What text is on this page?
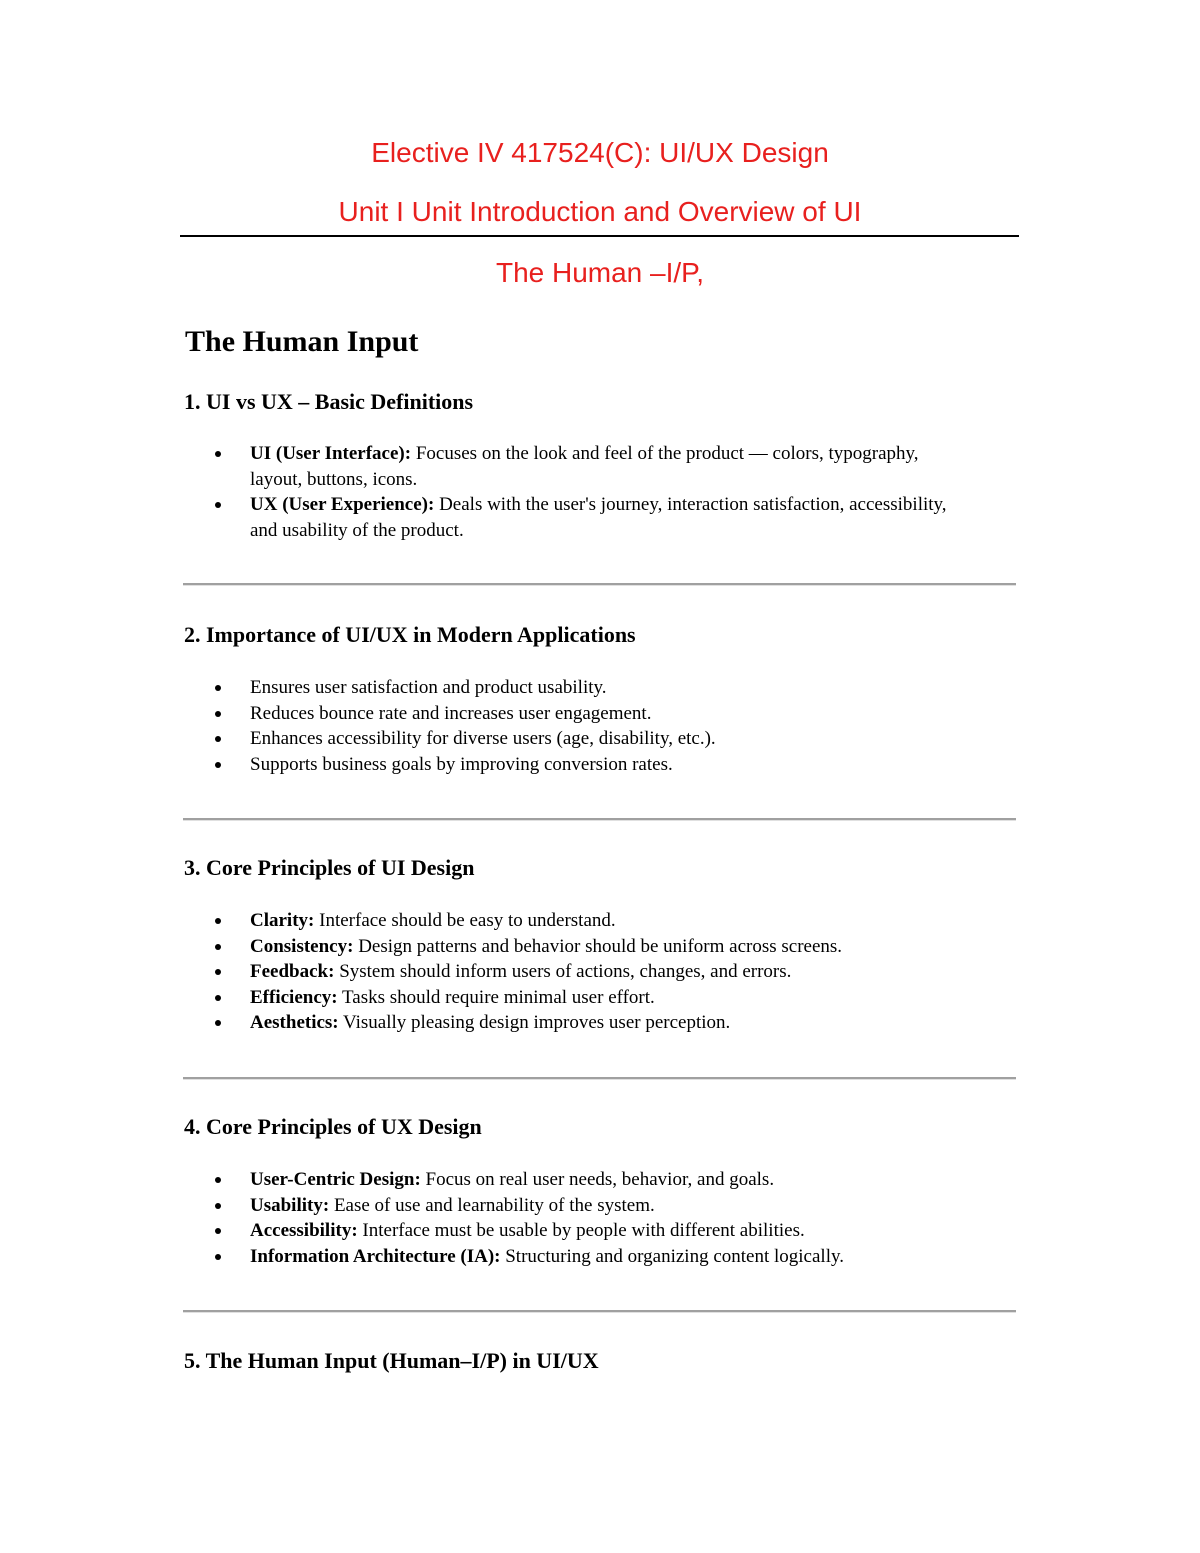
Elective IV 417524(C): UI/UX Design
Unit I Unit Introduction and Overview of UI
The Human –I/P,
The Human Input
1. UI vs UX – Basic Definitions
UI (User Interface): Focuses on the look and feel of the product — colors, typography, layout, buttons, icons.
UX (User Experience): Deals with the user's journey, interaction satisfaction, accessibility, and usability of the product.
2. Importance of UI/UX in Modern Applications
Ensures user satisfaction and product usability.
Reduces bounce rate and increases user engagement.
Enhances accessibility for diverse users (age, disability, etc.).
Supports business goals by improving conversion rates.
3. Core Principles of UI Design
Clarity: Interface should be easy to understand.
Consistency: Design patterns and behavior should be uniform across screens.
Feedback: System should inform users of actions, changes, and errors.
Efficiency: Tasks should require minimal user effort.
Aesthetics: Visually pleasing design improves user perception.
4. Core Principles of UX Design
User-Centric Design: Focus on real user needs, behavior, and goals.
Usability: Ease of use and learnability of the system.
Accessibility: Interface must be usable by people with different abilities.
Information Architecture (IA): Structuring and organizing content logically.
5. The Human Input (Human–I/P) in UI/UX
